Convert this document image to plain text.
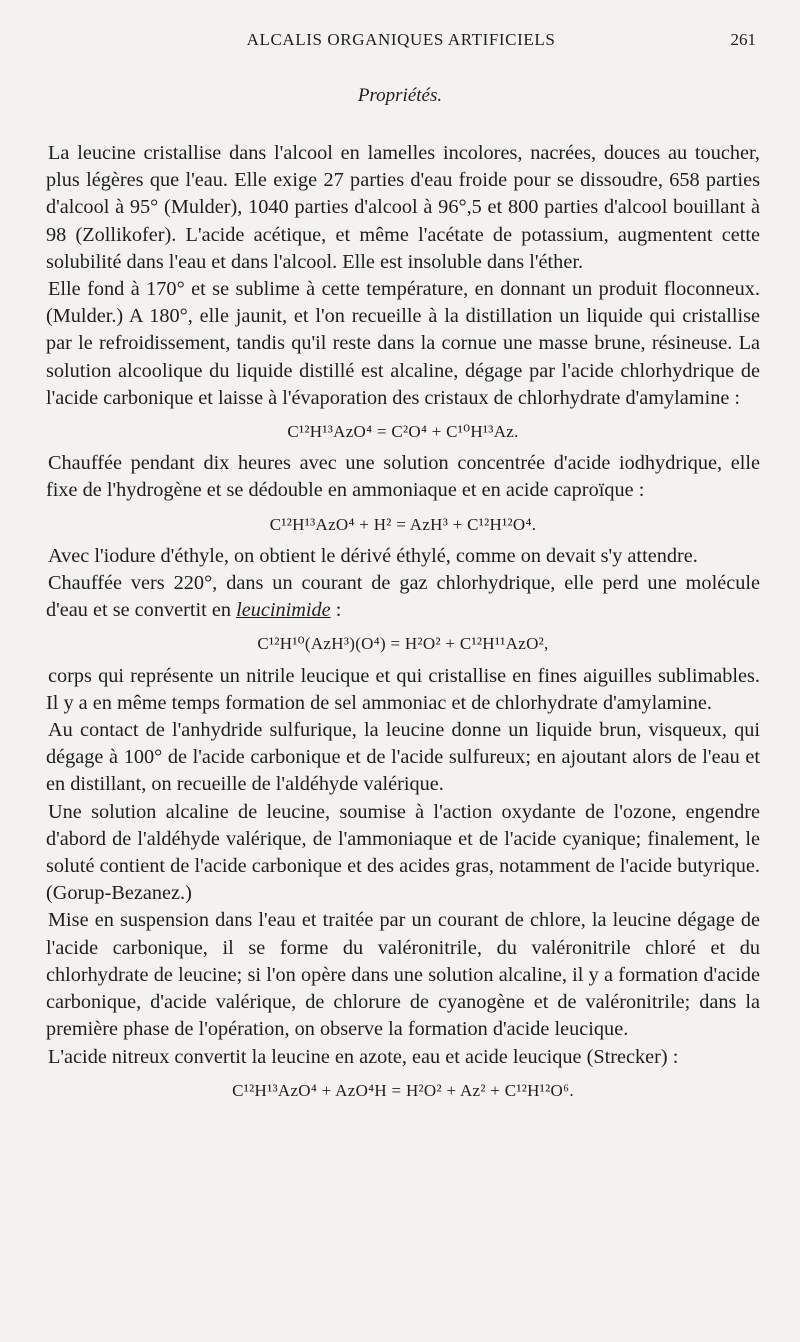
ALCALIS ORGANIQUES ARTIFICIELS	261
Propriétés.

La leucine cristallise dans l'alcool en lamelles incolores, nacrées, douces au toucher, plus légères que l'eau. Elle exige 27 parties d'eau froide pour se dissoudre, 658 parties d'alcool à 95° (Mulder), 1040 parties d'alcool à 96°,5 et 800 parties d'alcool bouillant à 98 (Zollikofer). L'acide acétique, et même l'acétate de potassium, augmentent cette solubilité dans l'eau et dans l'alcool. Elle est insoluble dans l'éther.

Elle fond à 170° et se sublime à cette température, en donnant un produit floconneux. (Mulder.) A 180°, elle jaunit, et l'on recueille à la distillation un liquide qui cristallise par le refroidissement, tandis qu'il reste dans la cornue une masse brune, résineuse. La solution alcoolique du liquide distillé est alcaline, dégage par l'acide chlorhydrique de l'acide carbonique et laisse à l'évaporation des cristaux de chlorhydrate d'amylamine :

C¹²H¹³AzO⁴ = C²O⁴ + C¹⁰H¹³Az.

Chauffée pendant dix heures avec une solution concentrée d'acide iodhydrique, elle fixe de l'hydrogène et se dédouble en ammoniaque et en acide caproïque :

C¹²H¹³AzO⁴ + H² = AzH³ + C¹²H¹²O⁴.

Avec l'iodure d'éthyle, on obtient le dérivé éthylé, comme on devait s'y attendre.

Chauffée vers 220°, dans un courant de gaz chlorhydrique, elle perd une molécule d'eau et se convertit en leucinimide :

C¹²H¹⁰(AzH³)(O⁴) = H²O² + C¹²H¹¹AzO²,

corps qui représente un nitrile leucique et qui cristallise en fines aiguilles sublimables. Il y a en même temps formation de sel ammoniac et de chlorhydrate d'amylamine.

Au contact de l'anhydride sulfurique, la leucine donne un liquide brun, visqueux, qui dégage à 100° de l'acide carbonique et de l'acide sulfureux; en ajoutant alors de l'eau et en distillant, on recueille de l'aldéhyde valérique.

Une solution alcaline de leucine, soumise à l'action oxydante de l'ozone, engendre d'abord de l'aldéhyde valérique, de l'ammoniaque et de l'acide cyanique; finalement, le soluté contient de l'acide carbonique et des acides gras, notamment de l'acide butyrique. (Gorup-Bezanez.)

Mise en suspension dans l'eau et traitée par un courant de chlore, la leucine dégage de l'acide carbonique, il se forme du valéronitrile, du valéronitrile chloré et du chlorhydrate de leucine; si l'on opère dans une solution alcaline, il y a formation d'acide carbonique, d'acide valérique, de chlorure de cyanogène et de valéronitrile; dans la première phase de l'opération, on observe la formation d'acide leucique.

L'acide nitreux convertit la leucine en azote, eau et acide leucique (Strecker) :

C¹²H¹³AzO⁴ + AzO⁴H = H²O² + Az² + C¹²H¹²O⁶.
